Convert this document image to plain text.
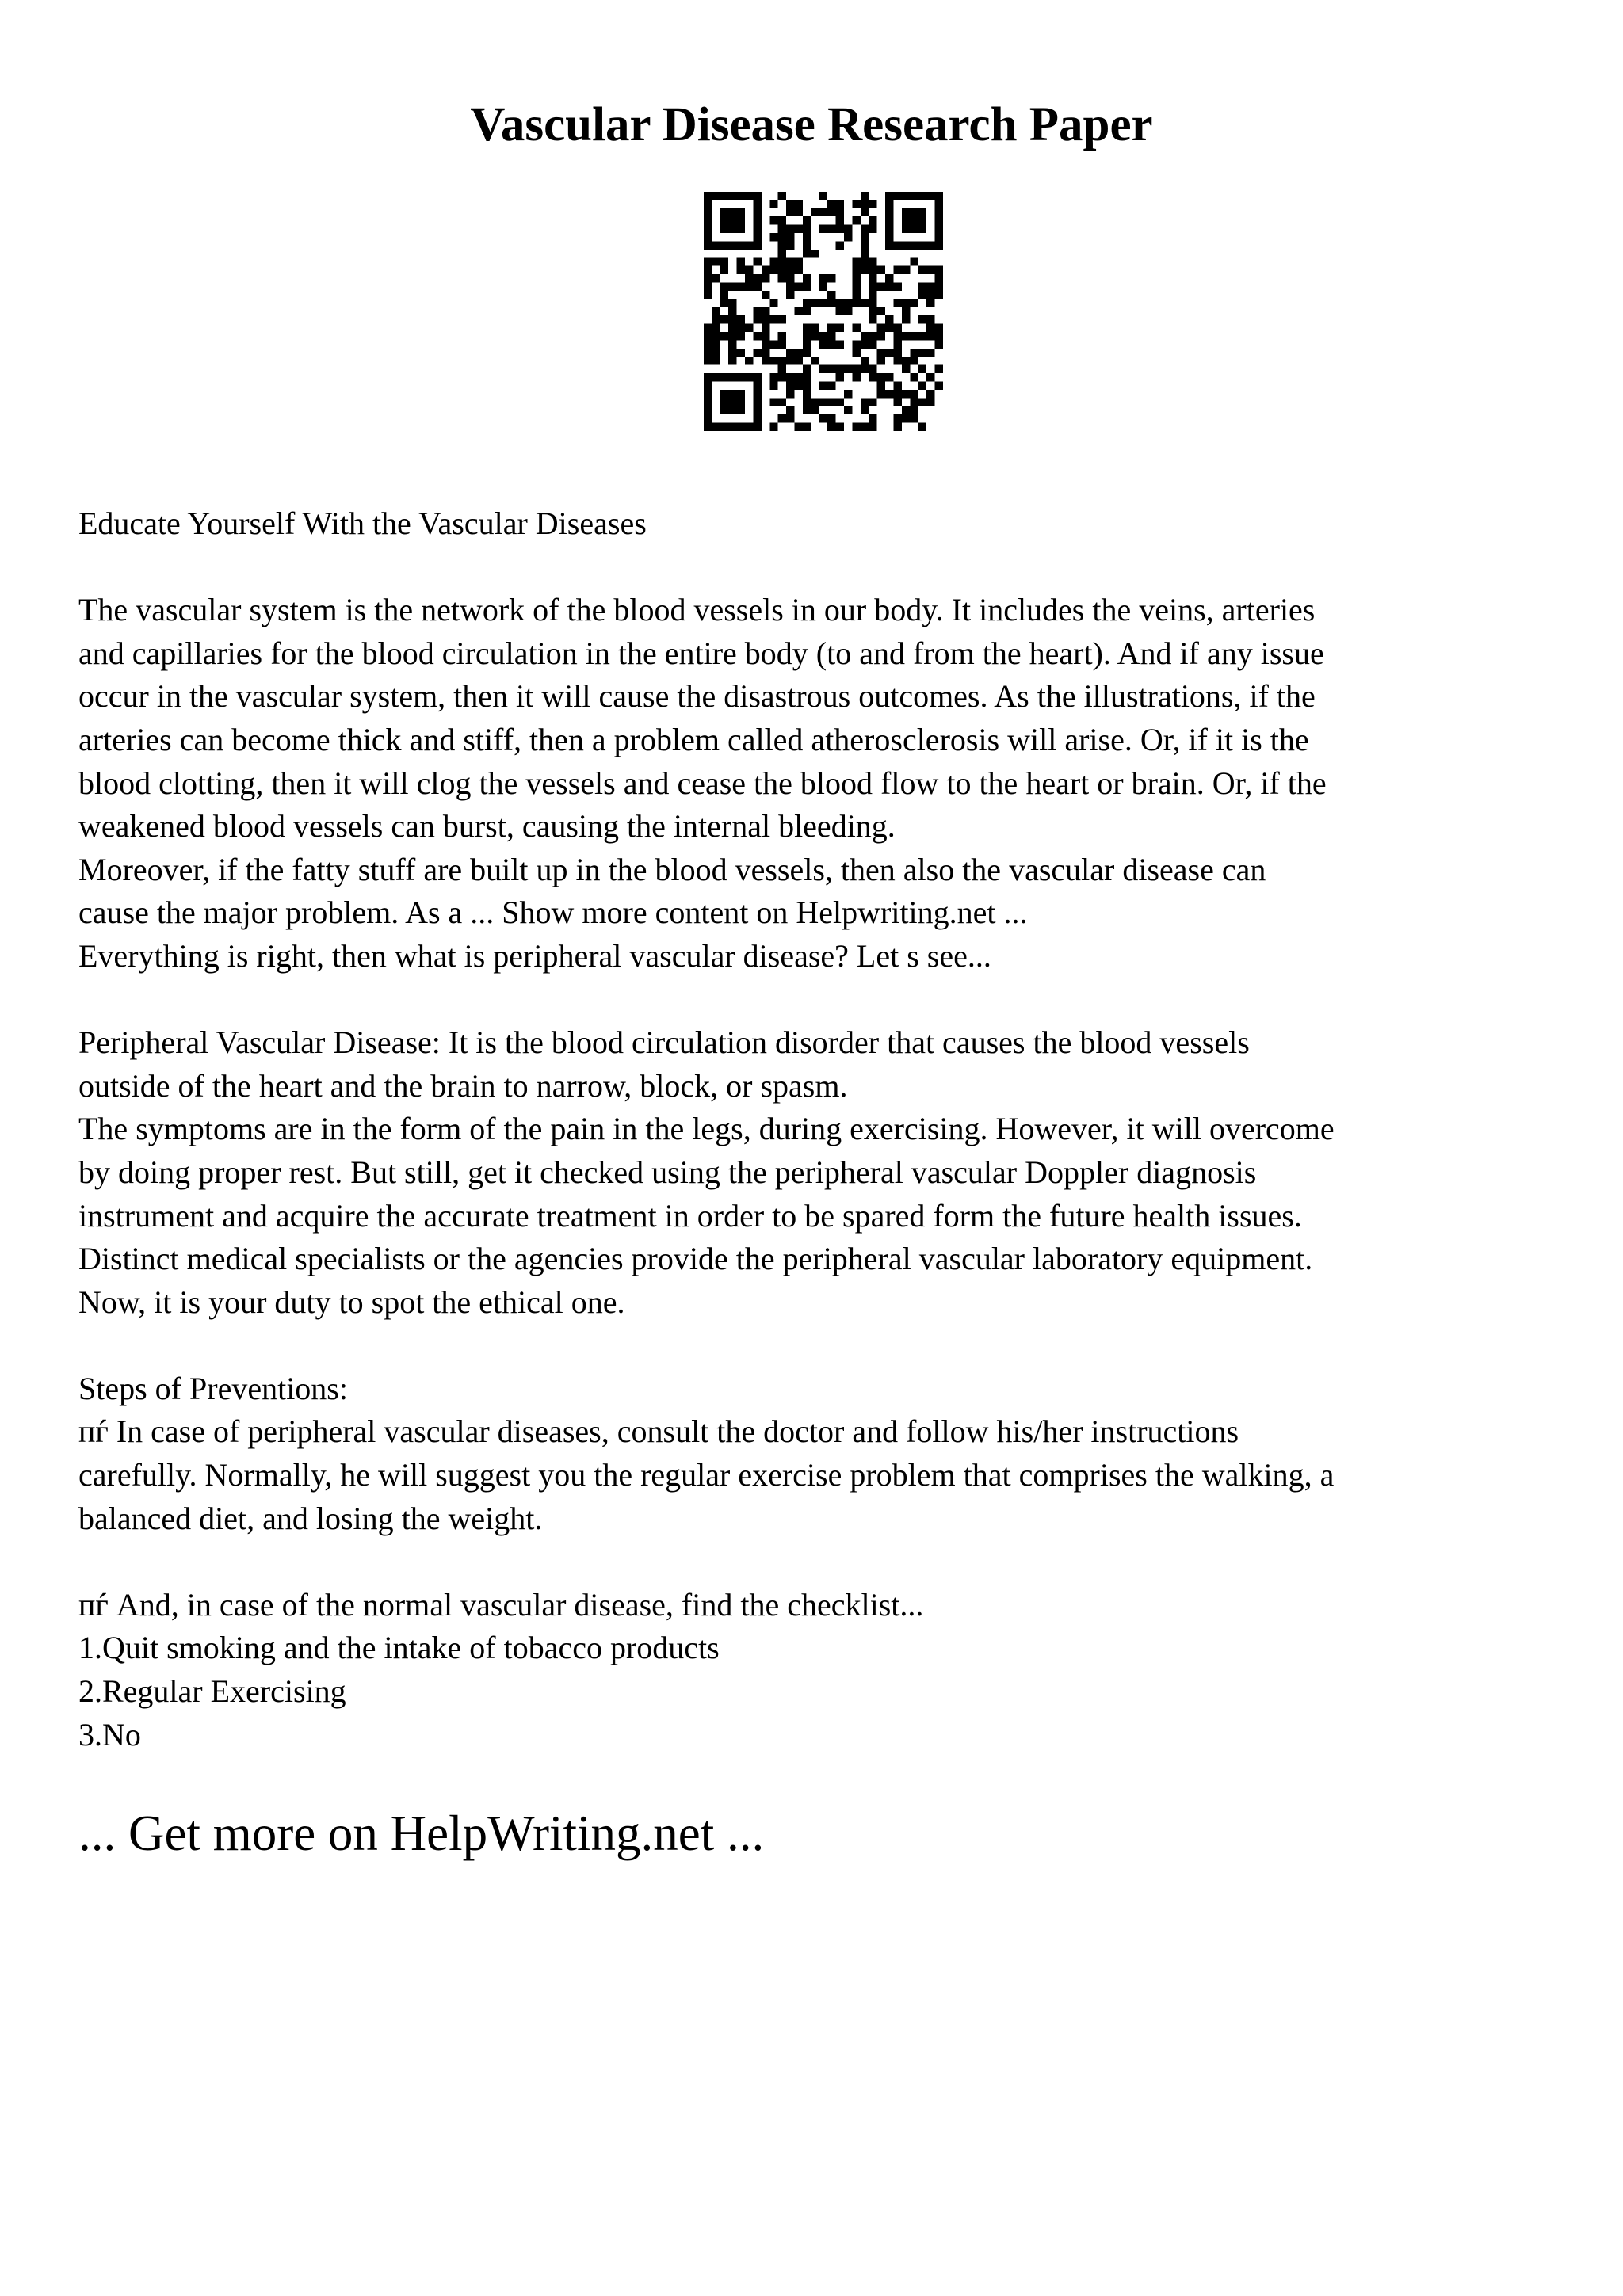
Vascular Disease Research Paper

Educate Yourself With the Vascular Diseases

The vascular system is the network of the blood vessels in our body. It includes the veins, arteries

and capillaries for the blood circulation in the entire body (to and from the heart). And if any issue

occur in the vascular system, then it will cause the disastrous outcomes. As the illustrations, if the

arteries can become thick and stiff, then a problem called atherosclerosis will arise. Or, if it is the

blood clotting, then it will clog the vessels and cease the blood flow to the heart or brain. Or, if the

weakened blood vessels can burst, causing the internal bleeding.

Moreover, if the fatty stuff are built up in the blood vessels, then also the vascular disease can

cause the major problem. As a ... Show more content on Helpwriting.net ...

Everything is right, then what is peripheral vascular disease? Let s see...

Peripheral Vascular Disease: It is the blood circulation disorder that causes the blood vessels

outside of the heart and the brain to narrow, block, or spasm.

The symptoms are in the form of the pain in the legs, during exercising. However, it will overcome

by doing proper rest. But still, get it checked using the peripheral vascular Doppler diagnosis

instrument and acquire the accurate treatment in order to be spared form the future health issues.

Distinct medical specialists or the agencies provide the peripheral vascular laboratory equipment.

Now, it is your duty to spot the ethical one.

Steps of Preventions:

пѓ In case of peripheral vascular diseases, consult the doctor and follow his/her instructions

carefully. Normally, he will suggest you the regular exercise problem that comprises the walking, a

balanced diet, and losing the weight.

пѓ And, in case of the normal vascular disease, find the checklist...

1.Quit smoking and the intake of tobacco products

2.Regular Exercising

3.No

... Get more on HelpWriting.net ...
